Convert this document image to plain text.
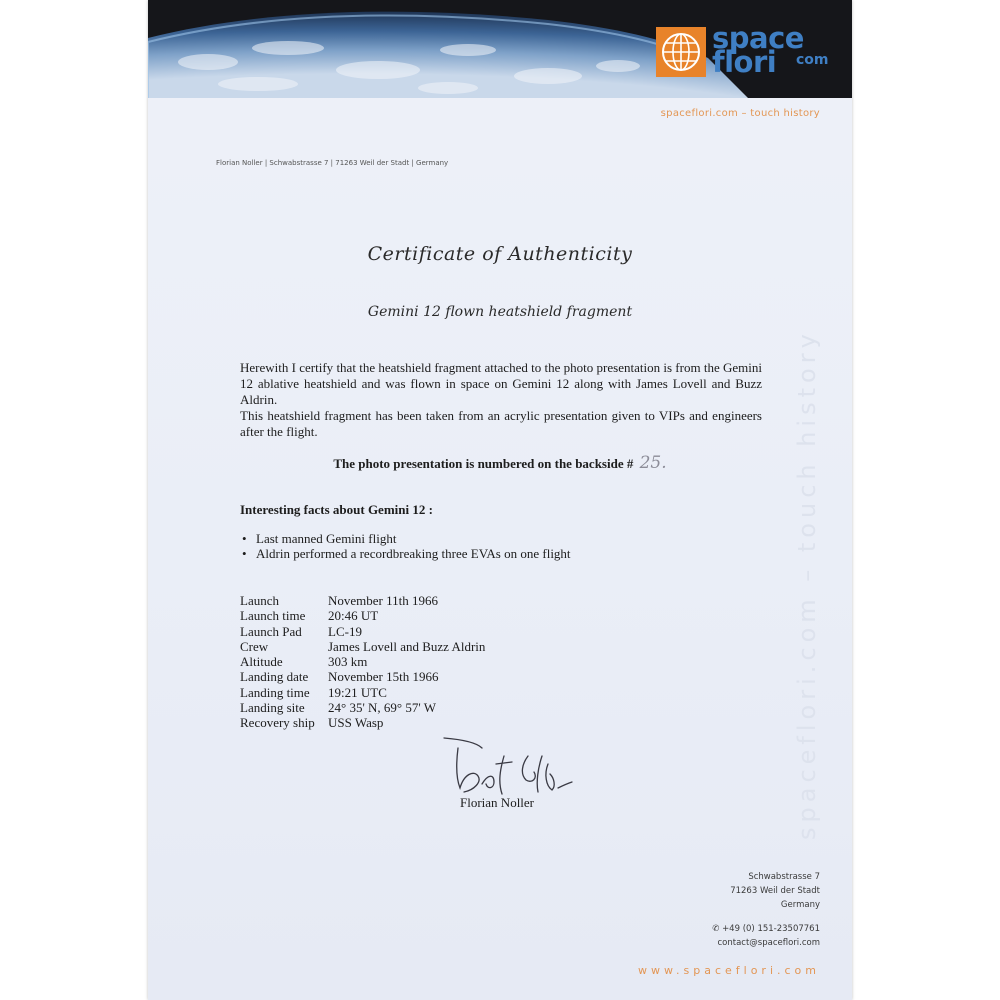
space
flori com
spaceflori.com – touch history
Florian Noller | Schwabstrasse 7 | 71263 Weil der Stadt | Germany
spaceflori.com – touch history
Certificate of Authenticity
Gemini 12 flown heatshield fragment

Herewith I certify that the heatshield fragment attached to the photo presentation is from the Gemini 12 ablative heatshield and was flown in space on Gemini 12 along with James Lovell and Buzz Aldrin.

This heatshield fragment has been taken from an acrylic presentation given to VIPs and engineers after the flight.

The photo presentation is numbered on the backside # 25.
Interesting facts about Gemini 12 :
• Last manned Gemini flight
• Aldrin performed a recordbreaking three EVAs on one flight
Launch	November 11th 1966
Launch time	20:46 UT
Launch Pad	LC-19
Crew	James Lovell and Buzz Aldrin
Altitude	303 km
Landing date	November 15th 1966
Landing time	19:21 UTC
Landing site	24° 35' N, 69° 57' W
Recovery ship	USS Wasp
Florian Noller
Schwabstrasse 7
71263 Weil der Stadt
Germany
✆ +49 (0) 151-23507761
contact@spaceflori.com
www.spaceflori.com
